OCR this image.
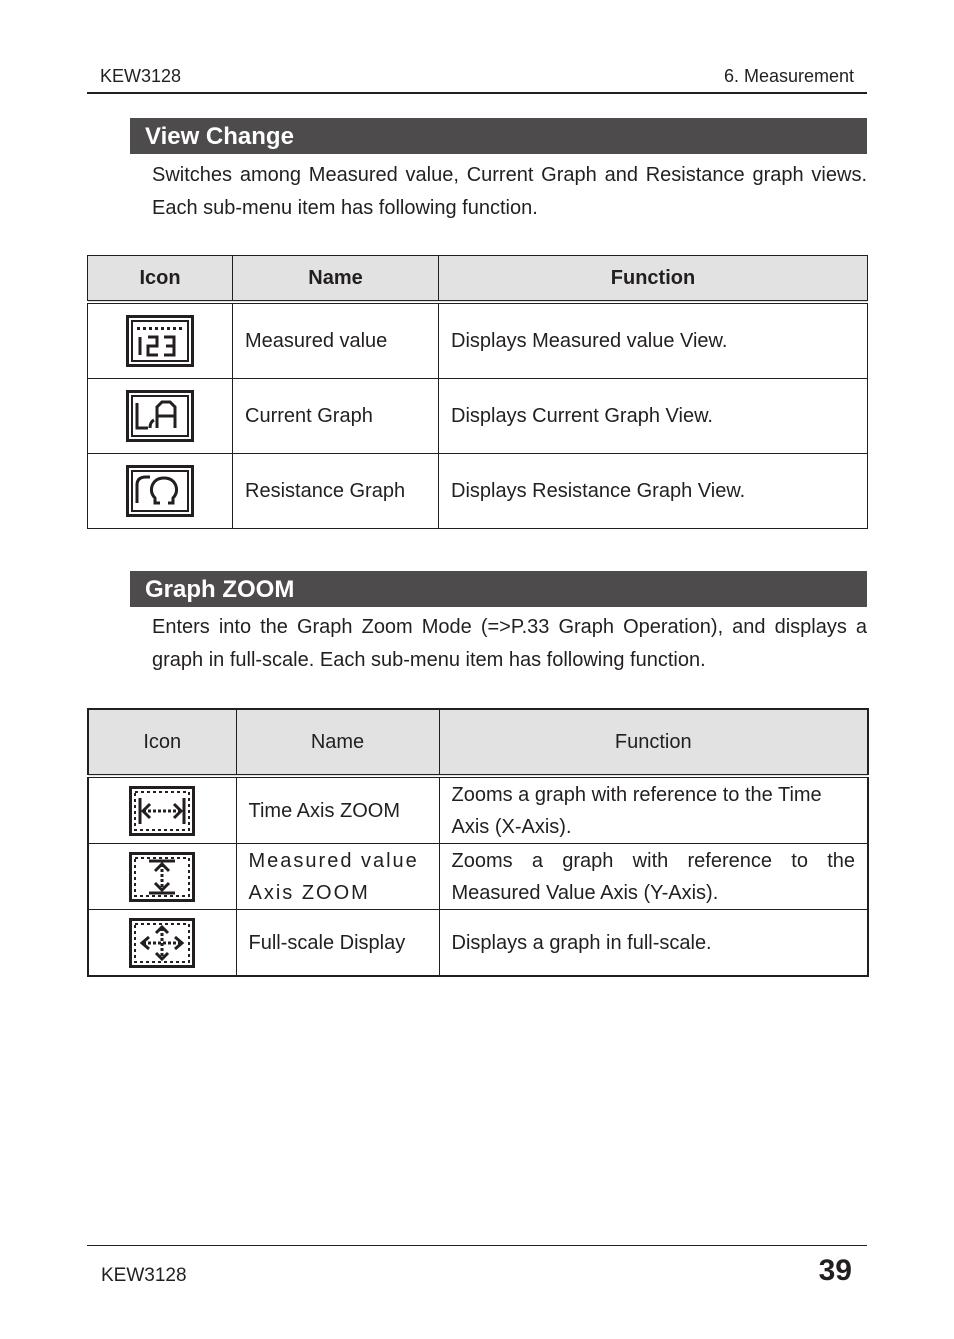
KEW3128	6. Measurement
View Change
Switches among Measured value, Current Graph and Resistance graph views. Each sub-menu item has following function.
Icon	Name	Function
	Measured value	Displays Measured value View.
	Current Graph	Displays Current Graph View.
	Resistance Graph	Displays Resistance Graph View.
Graph ZOOM
Enters into the Graph Zoom Mode (=>P.33 Graph Operation), and displays a graph in full-scale. Each sub-menu item has following function.
Icon	Name	Function
	Time Axis ZOOM	Zooms a graph with reference to the Time Axis (X-Axis).
	Measured value Axis ZOOM	Zooms a graph with reference to the Measured Value Axis (Y-Axis).
	Full-scale Display	Displays a graph in full-scale.
KEW3128	39
